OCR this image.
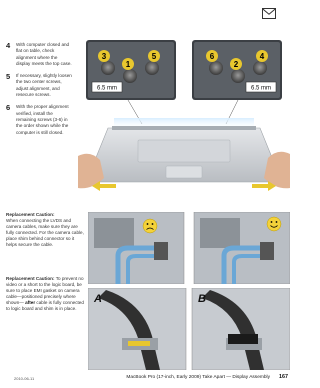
4 With computer closed and flat on table, check alignment where the display meets the top case.
5 If necessary, slightly loosen the two center screws, adjust alignment, and resecure screws.
6 With the proper alignment verified, install the remaining screws (3-6) in the order shown while the computer is still closed.
3
1
5
6.5 mm
6
2
4
6.5 mm
Replacement Caution:
When connecting the LVDS and camera cables, make sure they are fully connected. For the camera cable, place shim behind connector so it helps secure the cable.
Replacement Caution: To prevent no video or a short to the logic board, be sure to place EMI gasket on camera cable—positioned precisely where shown— after cable is fully connected to logic board and shim is in place.
A	B
2010-06-11	MacBook Pro (17-inch, Early 2009) Take Apart — Display Assembly 167
